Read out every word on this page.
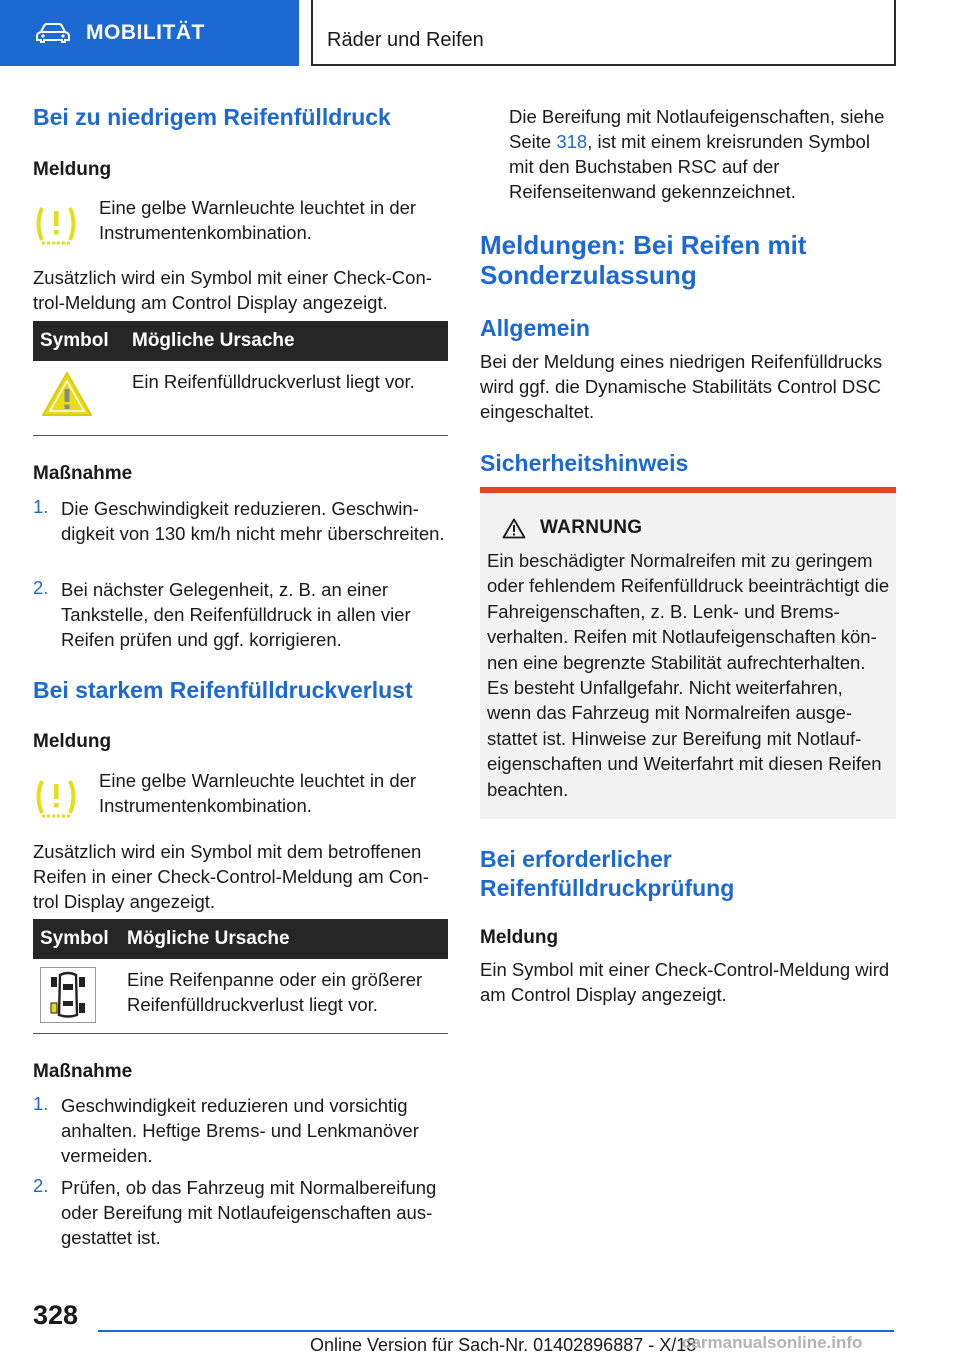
MOBILITÄT	Räder und Reifen
Bei zu niedrigem Reifenfülldruck
Meldung
Eine gelbe Warnleuchte leuchtet in der Instrumentenkombination.
Zusätzlich wird ein Symbol mit einer Check-Control-Meldung am Control Display angezeigt.
Symbol Mögliche Ursache
Ein Reifenfülldruckverlust liegt vor.
Maßnahme
1. Die Geschwindigkeit reduzieren. Geschwindigkeit von 130 km/h nicht mehr überschreiten.
2. Bei nächster Gelegenheit, z. B. an einer Tankstelle, den Reifenfülldruck in allen vier Reifen prüfen und ggf. korrigieren.
Bei starkem Reifenfülldruckverlust
Meldung
Eine gelbe Warnleuchte leuchtet in der Instrumentenkombination.
Zusätzlich wird ein Symbol mit dem betroffenen Reifen in einer Check-Control-Meldung am Control Display angezeigt.
Symbol Mögliche Ursache
Eine Reifenpanne oder ein größerer Reifenfülldruckverlust liegt vor.
Maßnahme
1. Geschwindigkeit reduzieren und vorsichtig anhalten. Heftige Brems- und Lenkmanöver vermeiden.
2. Prüfen, ob das Fahrzeug mit Normalbereifung oder Bereifung mit Notlaufeigenschaften ausgestattet ist.
Die Bereifung mit Notlaufeigenschaften, siehe Seite 318, ist mit einem kreisrunden Symbol mit den Buchstaben RSC auf der Reifenseitenwand gekennzeichnet.
Meldungen: Bei Reifen mit Sonderzulassung
Allgemein
Bei der Meldung eines niedrigen Reifenfülldrucks wird ggf. die Dynamische Stabilitäts Control DSC eingeschaltet.
Sicherheitshinweis
WARNUNG
Ein beschädigter Normalreifen mit zu geringem oder fehlendem Reifenfülldruck beeinträchtigt die Fahreigenschaften, z. B. Lenk- und Bremsverhalten. Reifen mit Notlaufeigenschaften können eine begrenzte Stabilität aufrechterhalten. Es besteht Unfallgefahr. Nicht weiterfahren, wenn das Fahrzeug mit Normalreifen ausgestattet ist. Hinweise zur Bereifung mit Notlaufeigenschaften und Weiterfahrt mit diesen Reifen beachten.
Bei erforderlicher Reifenfülldruckprüfung
Meldung
Ein Symbol mit einer Check-Control-Meldung wird am Control Display angezeigt.
328
Online Version für Sach-Nr. 01402896887 - X/18
carmanualsonline.info
